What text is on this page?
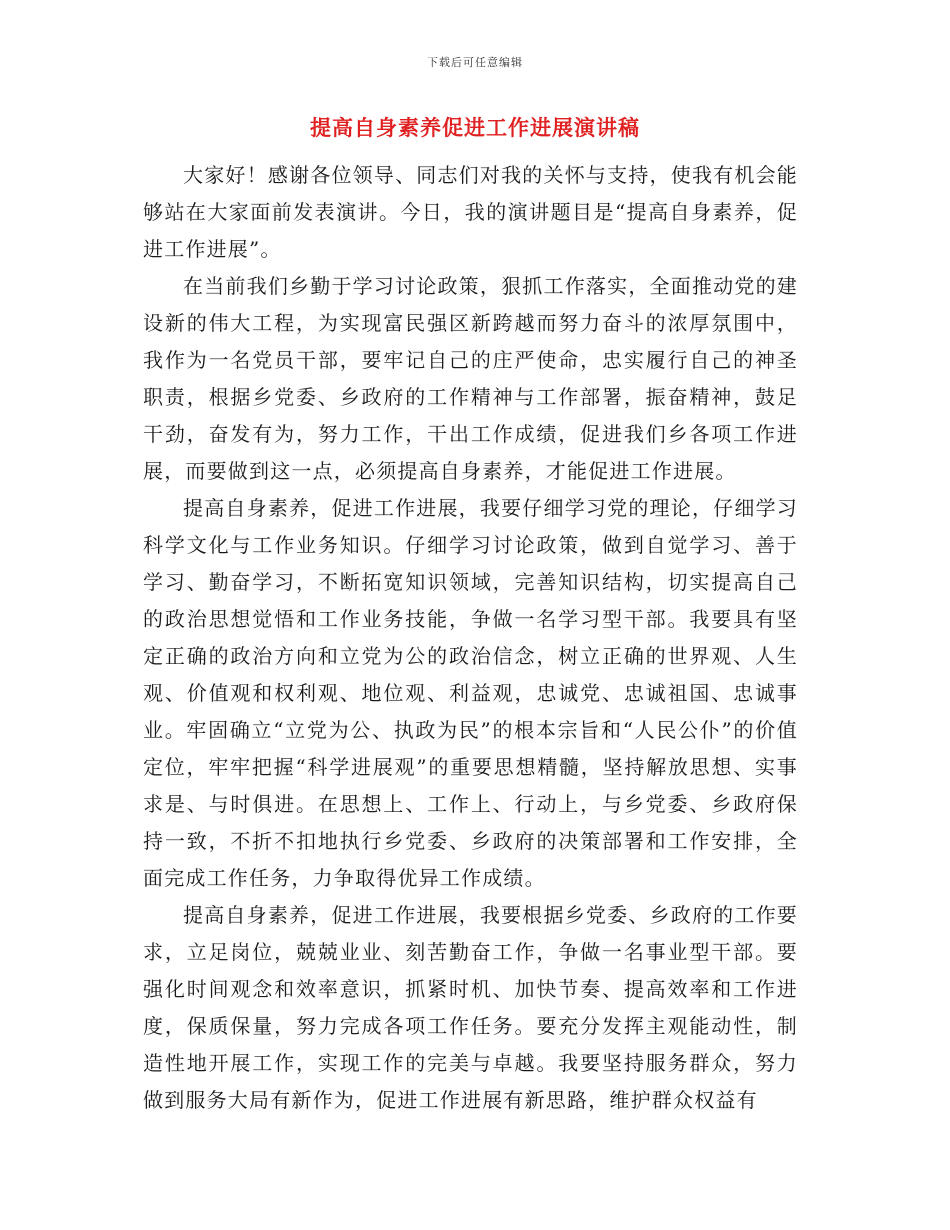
下载后可任意编辑
提高自身素养促进工作进展演讲稿

大家好！感谢各位领导、同志们对我的关怀与支持，使我有机会能够站在大家面前发表演讲。今日，我的演讲题目是“提高自身素养，促进工作进展”。

在当前我们乡勤于学习讨论政策，狠抓工作落实，全面推动党的建设新的伟大工程，为实现富民强区新跨越而努力奋斗的浓厚氛围中，我作为一名党员干部，要牢记自己的庄严使命，忠实履行自己的神圣职责，根据乡党委、乡政府的工作精神与工作部署，振奋精神，鼓足干劲，奋发有为，努力工作，干出工作成绩，促进我们乡各项工作进展，而要做到这一点，必须提高自身素养，才能促进工作进展。

提高自身素养，促进工作进展，我要仔细学习党的理论，仔细学习科学文化与工作业务知识。仔细学习讨论政策，做到自觉学习、善于学习、勤奋学习，不断拓宽知识领域，完善知识结构，切实提高自己的政治思想觉悟和工作业务技能，争做一名学习型干部。我要具有坚定正确的政治方向和立党为公的政治信念，树立正确的世界观、人生观、价值观和权利观、地位观、利益观，忠诚党、忠诚祖国、忠诚事业。牢固确立“立党为公、执政为民”的根本宗旨和“人民公仆”的价值定位，牢牢把握“科学进展观”的重要思想精髓，坚持解放思想、实事求是、与时俱进。在思想上、工作上、行动上，与乡党委、乡政府保持一致，不折不扣地执行乡党委、乡政府的决策部署和工作安排，全面完成工作任务，力争取得优异工作成绩。

提高自身素养，促进工作进展，我要根据乡党委、乡政府的工作要求，立足岗位，兢兢业业、刻苦勤奋工作，争做一名事业型干部。要强化时间观念和效率意识，抓紧时机、加快节奏、提高效率和工作进度，保质保量，努力完成各项工作任务。要充分发挥主观能动性，制造性地开展工作，实现工作的完美与卓越。我要坚持服务群众，努力做到服务大局有新作为，促进工作进展有新思路，维护群众权益有
